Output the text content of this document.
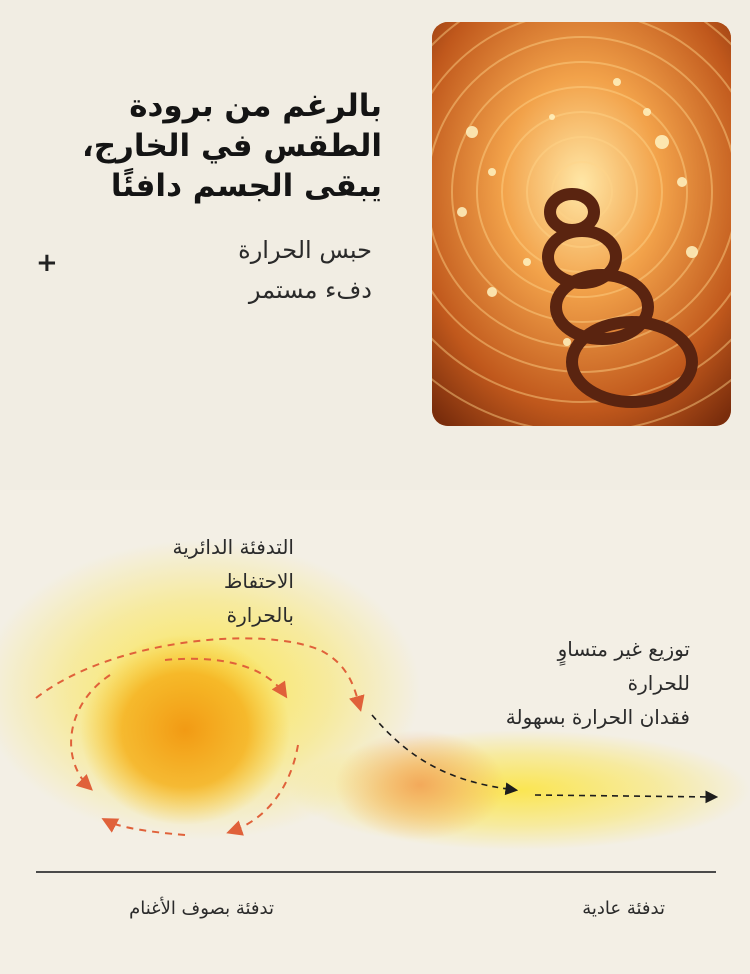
بالرغم من برودة
الطقس في الخارج،
يبقى الجسم دافئًا
حبس الحرارة
دفء مستمر
+
التدفئة الدائرية
الاحتفاظ
بالحرارة
توزيع غير متساوٍ
للحرارة
فقدان الحرارة بسهولة
تدفئة بصوف الأغنام	تدفئة عادية
